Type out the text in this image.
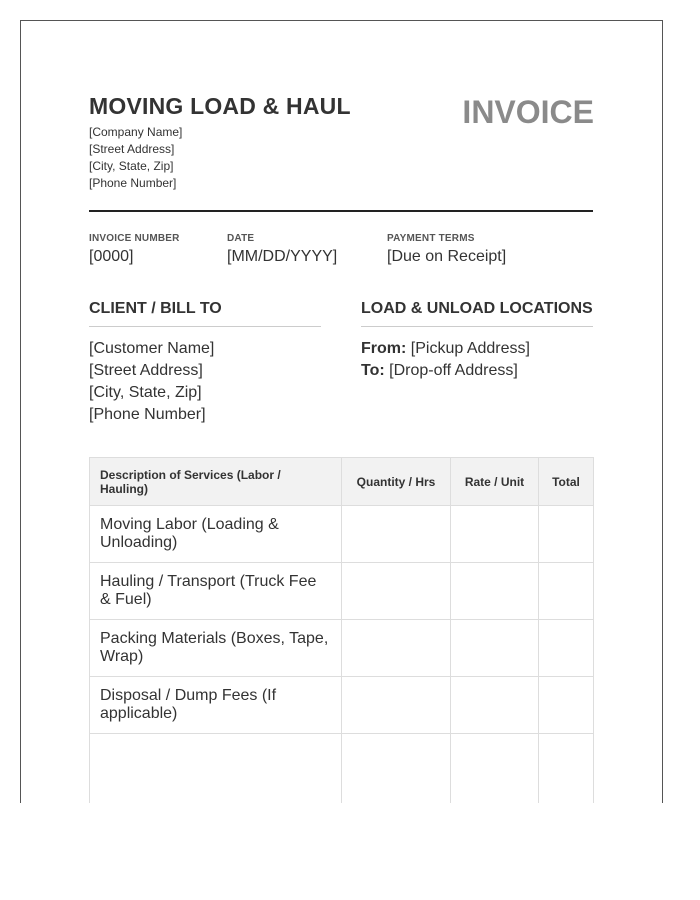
MOVING LOAD & HAUL
[Company Name]
[Street Address]
[City, State, Zip]
[Phone Number]
INVOICE
INVOICE NUMBER
[0000]
DATE
[MM/DD/YYYY]
PAYMENT TERMS
[Due on Receipt]
CLIENT / BILL TO
[Customer Name]
[Street Address]
[City, State, Zip]
[Phone Number]
LOAD & UNLOAD LOCATIONS
From: [Pickup Address]
To: [Drop-off Address]
Description of Services (Labor / Hauling)	Quantity / Hrs	Rate / Unit	Total
Moving Labor (Loading & Unloading)			
Hauling / Transport (Truck Fee & Fuel)			
Packing Materials (Boxes, Tape, Wrap)			
Disposal / Dump Fees (If applicable)			
